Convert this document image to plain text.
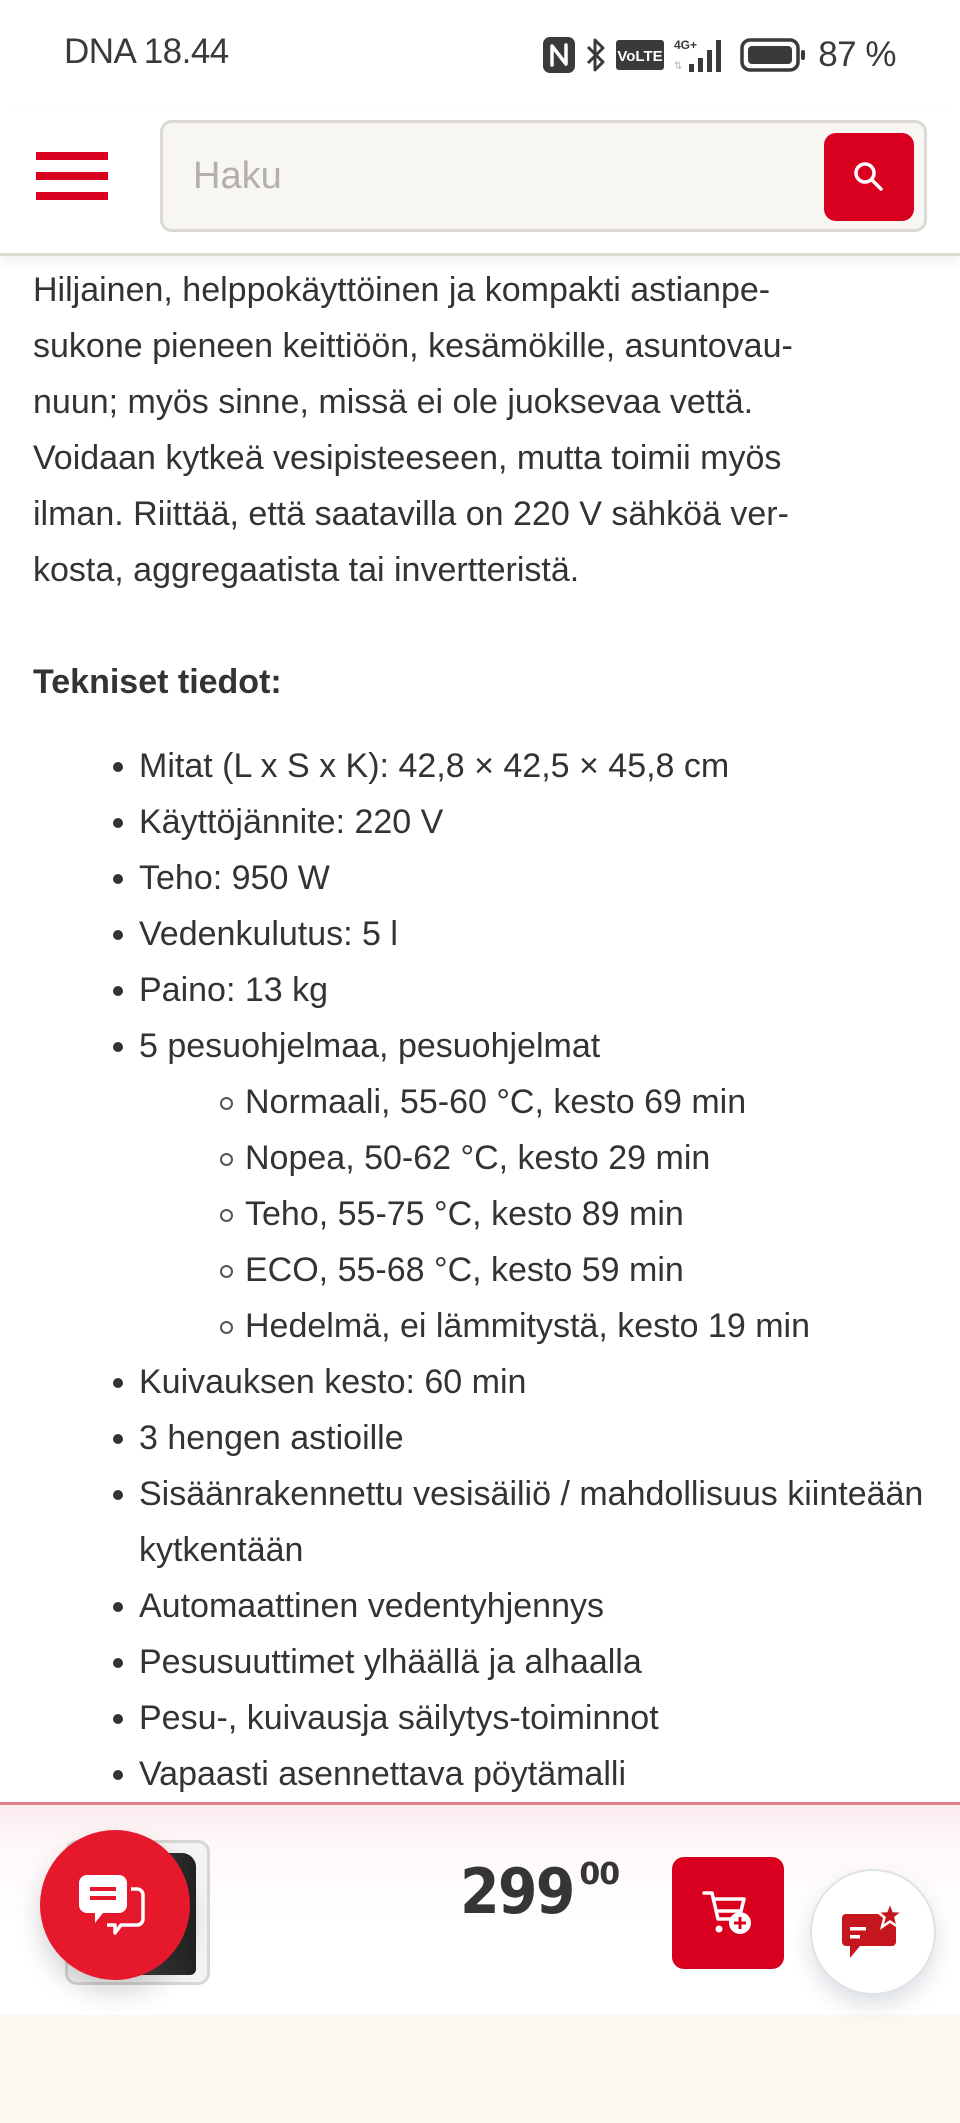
DNA 18.44	VoLTE
4G+
⇅	87 %
Haku

Hiljainen, helppokäyttöinen ja kompakti astianpe-
sukone pieneen keittiöön, kesämökille, asuntovau-
nuun; myös sinne, missä ei ole juoksevaa vettä.
Voidaan kytkeä vesipisteeseen, mutta toimii myös
ilman. Riittää, että saatavilla on 220 V sähköä ver-
kosta, aggregaatista tai invertteristä.

Tekniset tiedot:
Mitat (L x S x K): 42,8 × 42,5 × 45,8 cm
Käyttöjännite: 220 V
Teho: 950 W
Vedenkulutus: 5 l
Paino: 13 kg
5 pesuohjelmaa, pesuohjelmat
Normaali, 55-60 °C, kesto 69 min
Nopea, 50-62 °C, kesto 29 min
Teho, 55-75 °C, kesto 89 min
ECO, 55-68 °C, kesto 59 min
Hedelmä, ei lämmitystä, kesto 19 min
Kuivauksen kesto: 60 min
3 hengen astioille
Sisäänrakennettu vesisäiliö / mahdollisuus kiinteään kytkentään
Automaattinen vedentyhjennys
Pesusuuttimet ylhäällä ja alhaalla
Pesu-, kuivausja säilytys-toiminnot
Vapaasti asennettava pöytämalli
299 00
